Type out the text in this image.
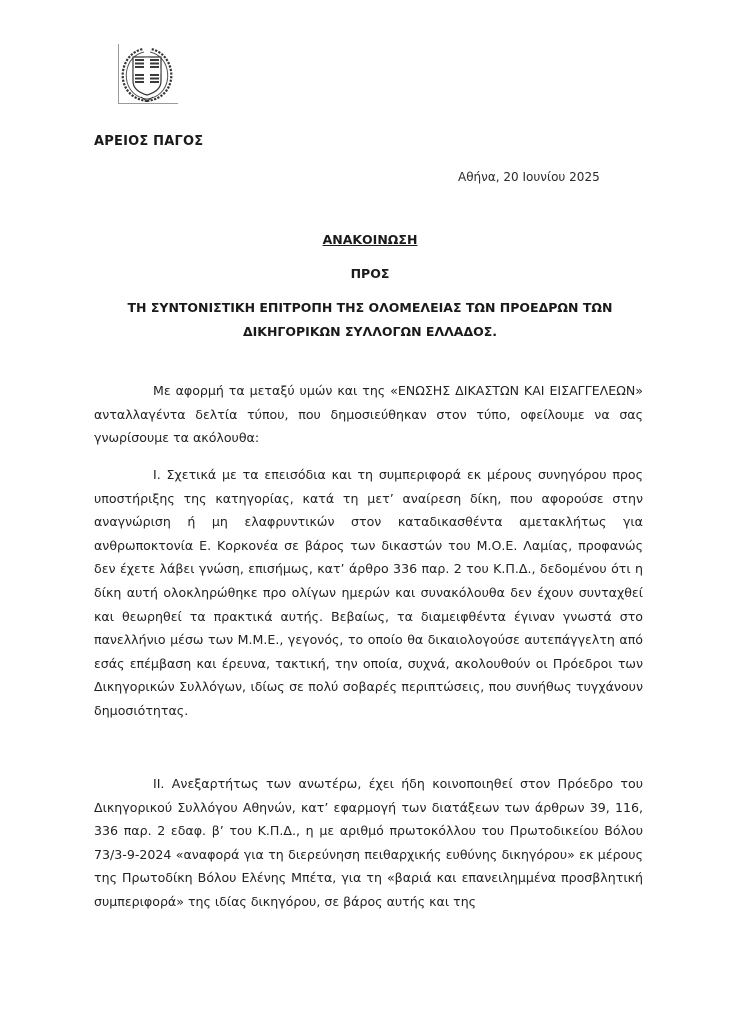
ΑΡΕΙΟΣ ΠΑΓΟΣ
Αθήνα, 20 Ιουνίου 2025
ΑΝΑΚΟΙΝΩΣΗ
ΠΡΟΣ
ΤΗ ΣΥΝΤΟΝΙΣΤΙΚΗ ΕΠΙΤΡΟΠΗ ΤΗΣ ΟΛΟΜΕΛΕΙΑΣ ΤΩΝ ΠΡΟΕΔΡΩΝ ΤΩΝ
ΔΙΚΗΓΟΡΙΚΩΝ ΣΥΛΛΟΓΩΝ ΕΛΛΑΔΟΣ.

Με αφορμή τα μεταξύ υμών και της «ΕΝΩΣΗΣ ΔΙΚΑΣΤΩΝ ΚΑΙ ΕΙΣΑΓΓΕΛΕΩΝ» ανταλλαγέντα δελτία τύπου, που δημοσιεύθηκαν στον τύπο, οφείλουμε να σας γνωρίσουμε τα ακόλουθα:

I. Σχετικά με τα επεισόδια και τη συμπεριφορά εκ μέρους συνηγόρου προς υποστήριξης της κατηγορίας, κατά τη μετ’ αναίρεση δίκη, που αφορούσε στην αναγνώριση ή μη ελαφρυντικών στον καταδικασθέντα αμετακλήτως για ανθρωποκτονία Ε. Κορκονέα σε βάρος των δικαστών του Μ.Ο.Ε. Λαμίας, προφανώς δεν έχετε λάβει γνώση, επισήμως, κατ’ άρθρο 336 παρ. 2 του Κ.Π.Δ., δεδομένου ότι η δίκη αυτή ολοκληρώθηκε προ ολίγων ημερών και συνακόλουθα δεν έχουν συνταχθεί και θεωρηθεί τα πρακτικά αυτής. Βεβαίως, τα διαμειφθέντα έγιναν γνωστά στο πανελλήνιο μέσω των Μ.Μ.Ε., γεγονός, το οποίο θα δικαιολογούσε αυτεπάγγελτη από εσάς επέμβαση και έρευνα, τακτική, την οποία, συχνά, ακολουθούν οι Πρόεδροι των Δικηγορικών Συλλόγων, ιδίως σε πολύ σοβαρές περιπτώσεις, που συνήθως τυγχάνουν δημοσιότητας.

II. Ανεξαρτήτως των ανωτέρω, έχει ήδη κοινοποιηθεί στον Πρόεδρο του Δικηγορικού Συλλόγου Αθηνών, κατ’ εφαρμογή των διατάξεων των άρθρων 39, 116, 336 παρ. 2 εδαφ. β’ του Κ.Π.Δ., η με αριθμό πρωτοκόλλου του Πρωτοδικείου Βόλου 73/3-9-2024 «αναφορά για τη διερεύνηση πειθαρχικής ευθύνης δικηγόρου» εκ μέρους της Πρωτοδίκη Βόλου Ελένης Μπέτα, για τη «βαριά και επανειλημμένα προσβλητική συμπεριφορά» της ιδίας δικηγόρου, σε βάρος αυτής και της
